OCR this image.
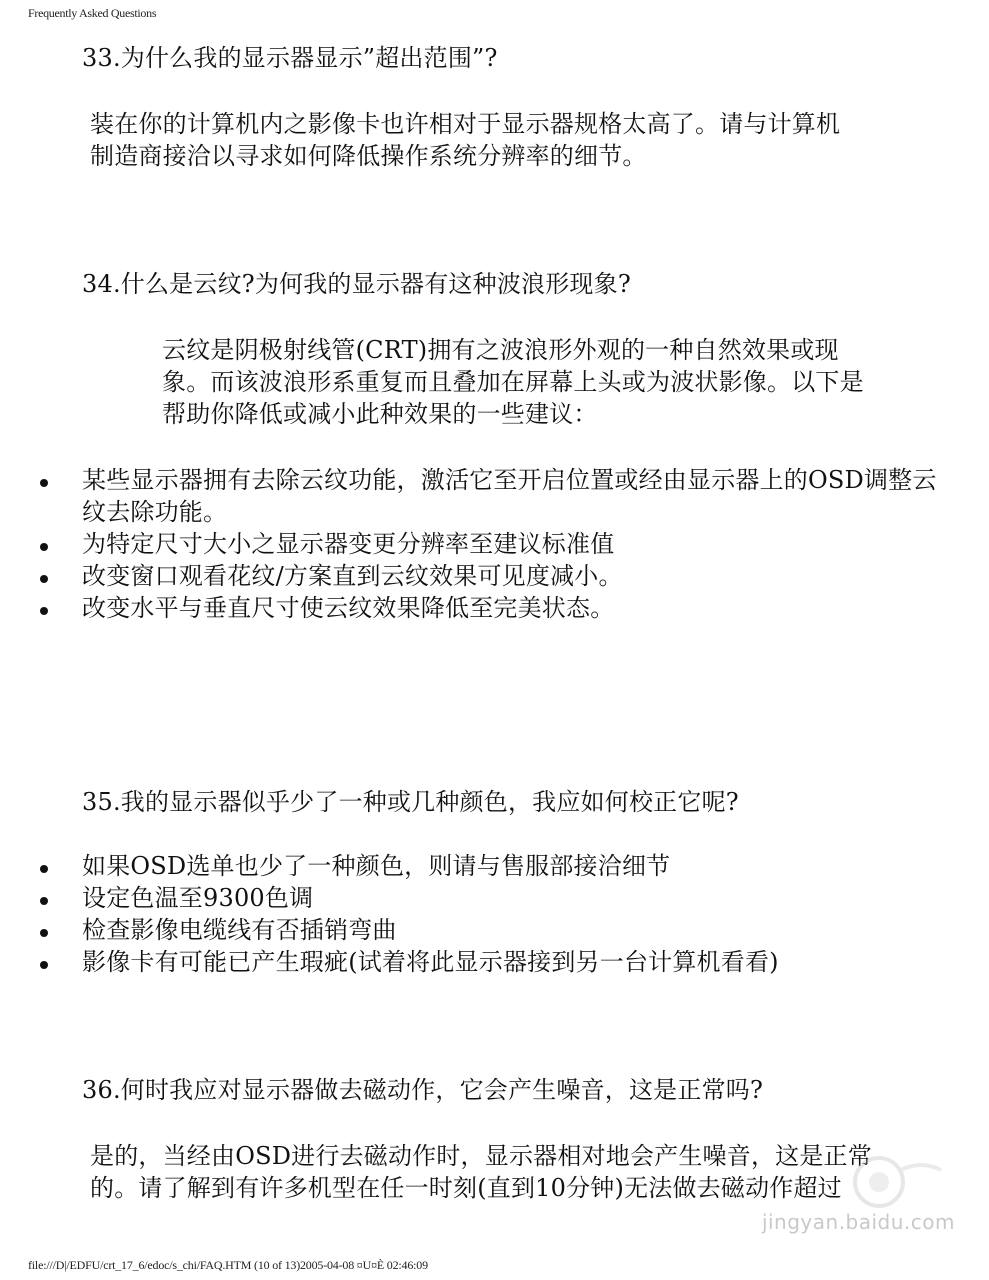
Frequently Asked Questions
33.为什么我的显示器显示”超出范围”?
装在你的计算机内之影像卡也许相对于显示器规格太高了。请与计算机
制造商接洽以寻求如何降低操作系统分辨率的细节。
34.什么是云纹?为何我的显示器有这种波浪形现象?
云纹是阴极射线管(CRT)拥有之波浪形外观的一种自然效果或现
象。而该波浪形系重复而且叠加在屏幕上头或为波状影像。以下是
帮助你降低或减小此种效果的一些建议：
某些显示器拥有去除云纹功能，激活它至开启位置或经由显示器上的OSD调整云纹去除功能。
为特定尺寸大小之显示器变更分辨率至建议标准值
改变窗口观看花纹/方案直到云纹效果可见度减小。
改变水平与垂直尺寸使云纹效果降低至完美状态。
35.我的显示器似乎少了一种或几种颜色，我应如何校正它呢?
如果OSD选单也少了一种颜色，则请与售服部接洽细节
设定色温至9300色调
检查影像电缆线有否插销弯曲
影像卡有可能已产生瑕疵(试着将此显示器接到另一台计算机看看)
36.何时我应对显示器做去磁动作，它会产生噪音，这是正常吗?
是的，当经由OSD进行去磁动作时，显示器相对地会产生噪音，这是正常
的。请了解到有许多机型在任一时刻(直到10分钟)无法做去磁动作超过
jingyan.baidu.com
file:///D|/EDFU/crt_17_6/edoc/s_chi/FAQ.HTM (10 of 13)2005-04-08 ¤U¤È 02:46:09
